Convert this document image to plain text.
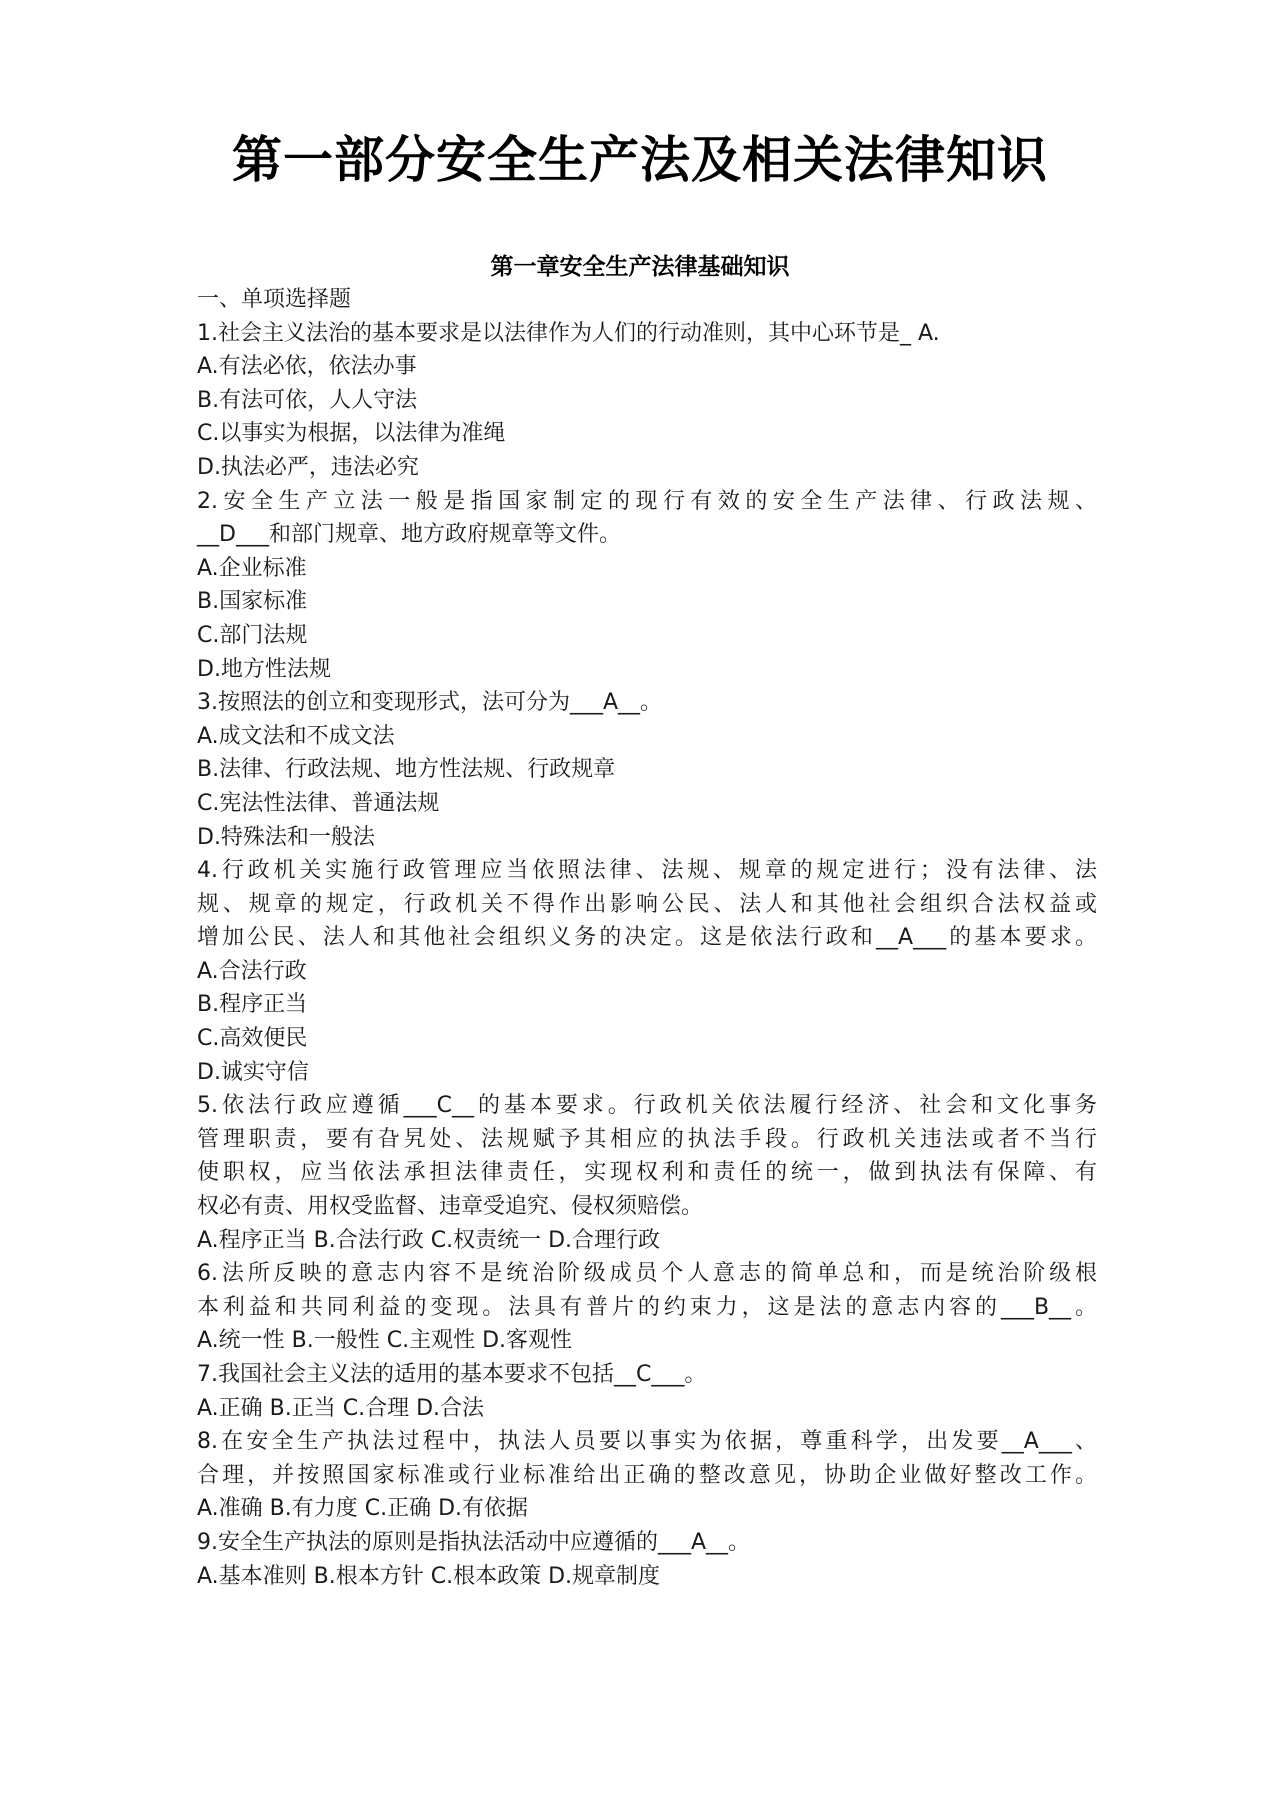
第一部分安全生产法及相关法律知识
第一章安全生产法律基础知识
一、单项选择题
1.社会主义法治的基本要求是以法律作为人们的行动准则，其中心环节是_ A.
A.有法必依，依法办事
B.有法可依，人人守法
C.以事实为根据，以法律为准绳
D.执法必严，违法必究
2.安全生产立法一般是指国家制定的现行有效的安全生产法律、行政法规、
__D___和部门规章、地方政府规章等文件。
A.企业标准
B.国家标准
C.部门法规
D.地方性法规
3.按照法的创立和变现形式，法可分为___A__。
A.成文法和不成文法
B.法律、行政法规、地方性法规、行政规章
C.宪法性法律、普通法规
D.特殊法和一般法
4.行政机关实施行政管理应当依照法律、法规、规章的规定进行；没有法律、法
规、规章的规定，行政机关不得作出影响公民、法人和其他社会组织合法权益或
增加公民、法人和其他社会组织义务的决定。这是依法行政和__A___的基本要求。
A.合法行政
B.程序正当
C.高效便民
D.诚实守信
5.依法行政应遵循___C__的基本要求。行政机关依法履行经济、社会和文化事务
管理职责，要有旮旯处、法规赋予其相应的执法手段。行政机关违法或者不当行
使职权，应当依法承担法律责任，实现权利和责任的统一，做到执法有保障、有
权必有责、用权受监督、违章受追究、侵权须赔偿。
A.程序正当 B.合法行政 C.权责统一 D.合理行政
6.法所反映的意志内容不是统治阶级成员个人意志的简单总和，而是统治阶级根
本利益和共同利益的变现。法具有普片的约束力，这是法的意志内容的___B__。
A.统一性 B.一般性 C.主观性 D.客观性
7.我国社会主义法的适用的基本要求不包括__C___。
A.正确 B.正当 C.合理 D.合法
8.在安全生产执法过程中，执法人员要以事实为依据，尊重科学，出发要__A___、
合理，并按照国家标准或行业标准给出正确的整改意见，协助企业做好整改工作。
A.准确 B.有力度 C.正确 D.有依据
9.安全生产执法的原则是指执法活动中应遵循的___A__。
A.基本准则 B.根本方针 C.根本政策 D.规章制度
